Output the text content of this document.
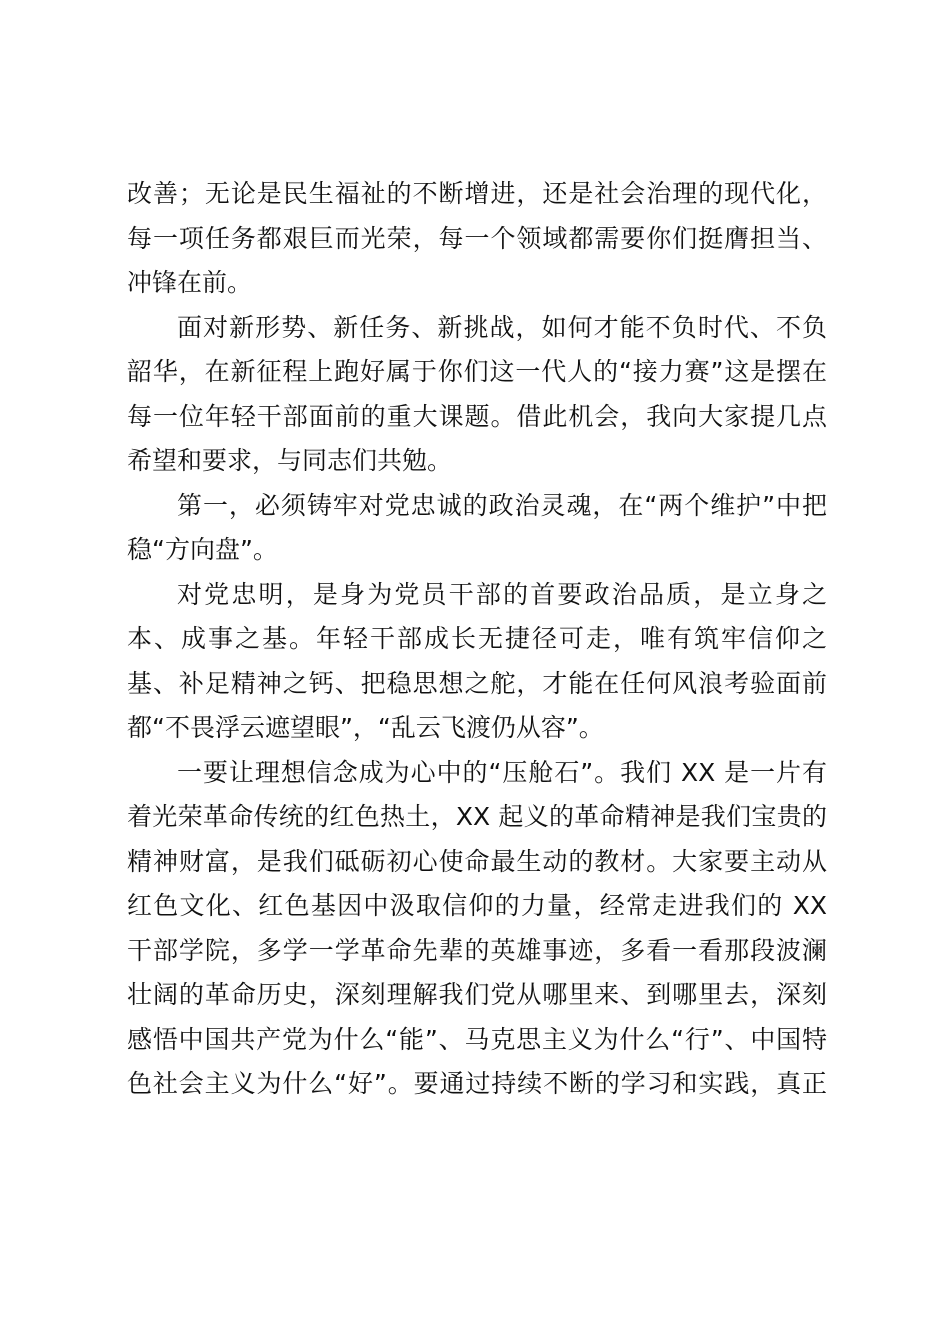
改善；无论是民生福祉的不断增进，还是社会治理的现代化，
每一项任务都艰巨而光荣，每一个领域都需要你们挺膺担当、
冲锋在前。
面对新形势、新任务、新挑战，如何才能不负时代、不负
韶华，在新征程上跑好属于你们这一代人的“接力赛”这是摆在
每一位年轻干部面前的重大课题。借此机会，我向大家提几点
希望和要求，与同志们共勉。
第一，必须铸牢对党忠诚的政治灵魂，在“两个维护”中把
稳“方向盘”。
对党忠明，是身为党员干部的首要政治品质，是立身之
本、成事之基。年轻干部成长无捷径可走，唯有筑牢信仰之
基、补足精神之钙、把稳思想之舵，才能在任何风浪考验面前
都“不畏浮云遮望眼”，“乱云飞渡仍从容”。
一要让理想信念成为心中的“压舱石”。我们 XX 是一片有
着光荣革命传统的红色热土，XX 起义的革命精神是我们宝贵的
精神财富，是我们砥砺初心使命最生动的教材。大家要主动从
红色文化、红色基因中汲取信仰的力量，经常走进我们的 XX
干部学院，多学一学革命先辈的英雄事迹，多看一看那段波澜
壮阔的革命历史，深刻理解我们党从哪里来、到哪里去，深刻
感悟中国共产党为什么“能”、马克思主义为什么“行”、中国特
色社会主义为什么“好”。要通过持续不断的学习和实践，真正
